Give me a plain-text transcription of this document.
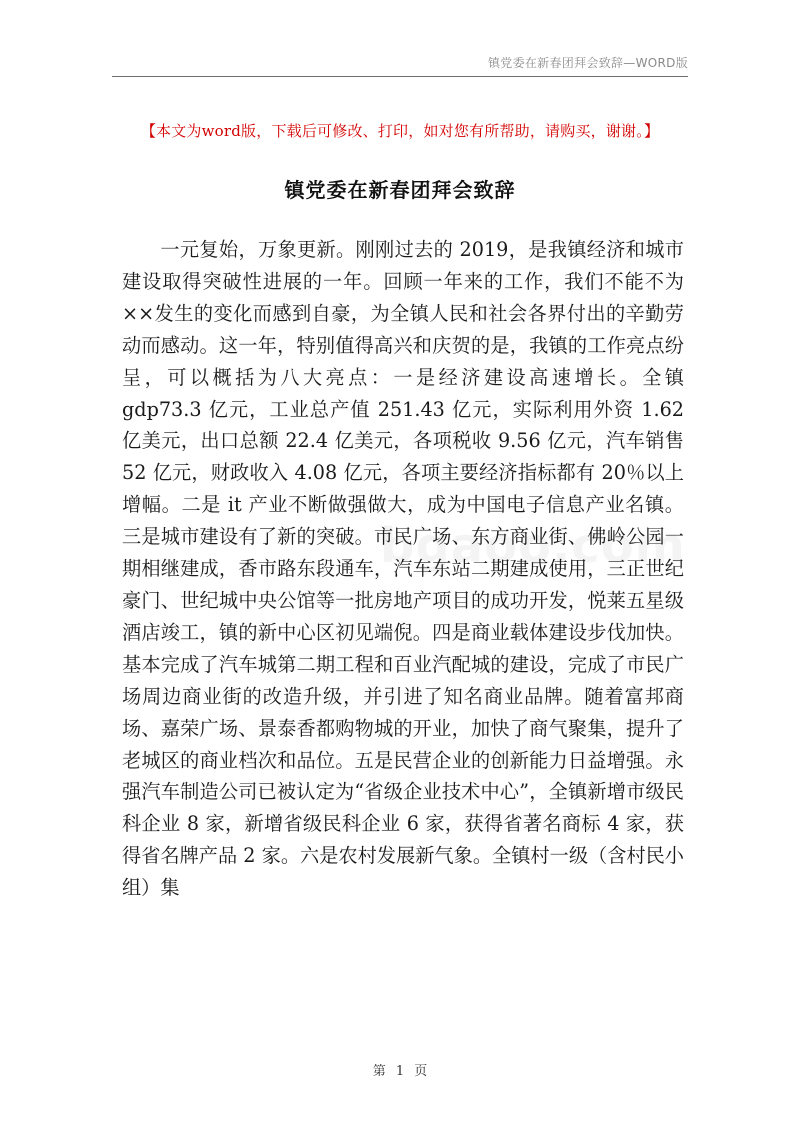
镇党委在新春团拜会致辞—WORD版
【本文为word版，下载后可修改、打印，如对您有所帮助，请购买，谢谢。】
镇党委在新春团拜会致辞

一元复始，万象更新。刚刚过去的 2019，是我镇经济和城市建设取得突破性进展的一年。回顾一年来的工作，我们不能不为××发生的变化而感到自豪，为全镇人民和社会各界付出的辛勤劳动而感动。这一年，特别值得高兴和庆贺的是，我镇的工作亮点纷呈，可以概括为八大亮点：一是经济建设高速增长。全镇 gdp73.3 亿元，工业总产值 251.43 亿元，实际利用外资 1.62 亿美元，出口总额 22.4 亿美元，各项税收 9.56 亿元，汽车销售 52 亿元，财政收入 4.08 亿元，各项主要经济指标都有 20％以上增幅。二是 it 产业不断做强做大，成为中国电子信息产业名镇。三是城市建设有了新的突破。市民广场、东方商业街、佛岭公园一期相继建成，香市路东段通车，汽车东站二期建成使用，三正世纪豪门、世纪城中央公馆等一批房地产项目的成功开发，悦莱五星级酒店竣工，镇的新中心区初见端倪。四是商业载体建设步伐加快。基本完成了汽车城第二期工程和百业汽配城的建设，完成了市民广场周边商业街的改造升级，并引进了知名商业品牌。随着富邦商场、嘉荣广场、景泰香都购物城的开业，加快了商气聚集，提升了老城区的商业档次和品位。五是民营企业的创新能力日益增强。永强汽车制造公司已被认定为“省级企业技术中心”，全镇新增市级民科企业 8 家，新增省级民科企业 6 家，获得省著名商标 4 家，获得省名牌产品 2 家。六是农村发展新气象。全镇村一级（含村民小组）集

第 1 页
